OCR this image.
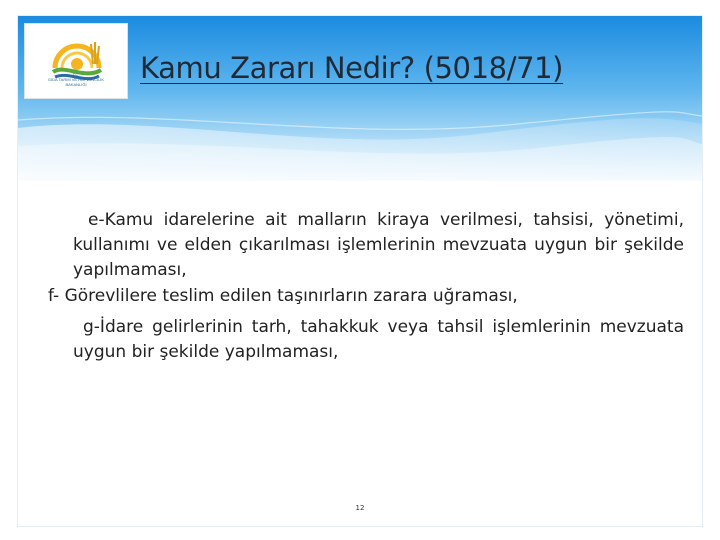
T.C.
GIDA TARIM VE HAYVANCILIK
BAKANLIĞI	Kamu Zararı Nedir? (5018/71)

e-Kamu idarelerine ait malların kiraya verilmesi, tahsisi, yönetimi, kullanımı ve elden çıkarılması işlemlerinin mevzuata uygun bir şekilde yapılmaması,

f- Görevlilere teslim edilen taşınırların zarara uğraması,

g-İdare gelirlerinin tarh, tahakkuk veya tahsil işlemlerinin mevzuata uygun bir şekilde yapılmaması,

12
